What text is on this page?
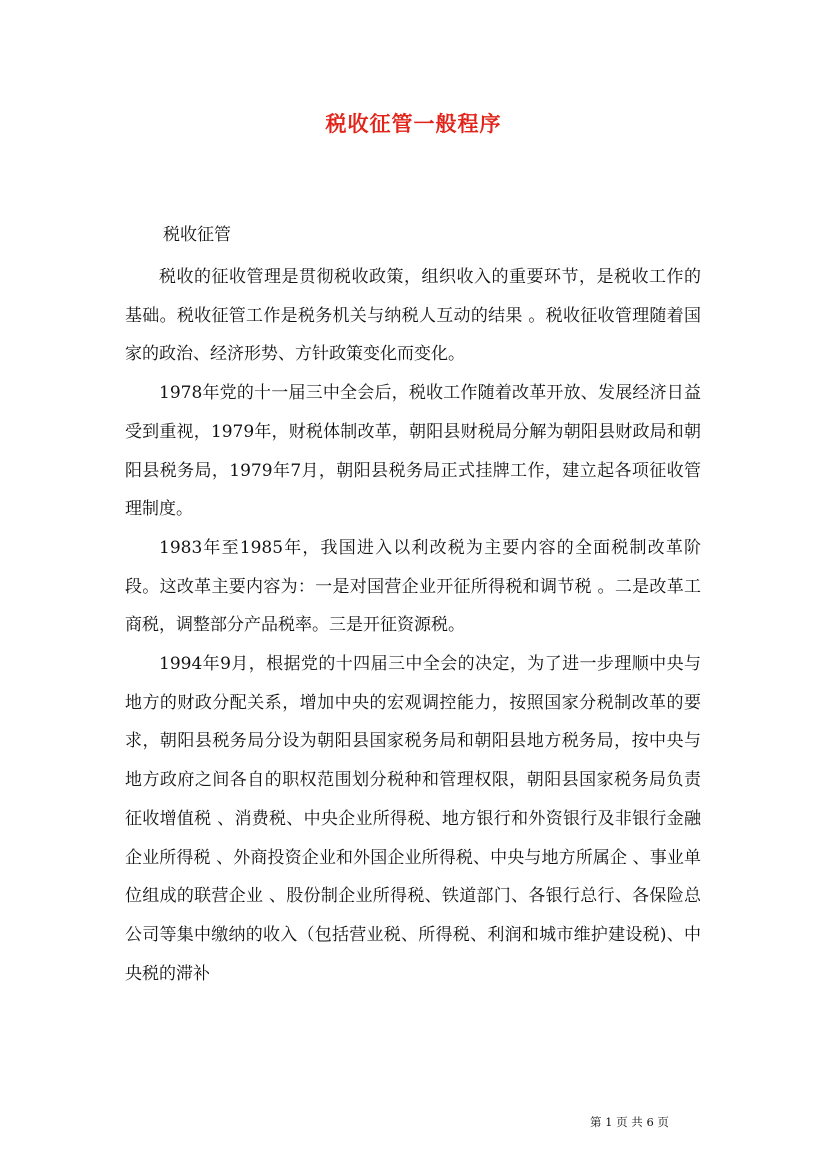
税收征管一般程序
税收征管

税收的征收管理是贯彻税收政策，组织收入的重要环节，是税收工作的基础。税收征管工作是税务机关与纳税人互动的结果 。税收征收管理随着国家的政治、经济形势、方针政策变化而变化。

1978年党的十一届三中全会后，税收工作随着改革开放、发展经济日益受到重视，1979年，财税体制改革，朝阳县财税局分解为朝阳县财政局和朝阳县税务局，1979年7月，朝阳县税务局正式挂牌工作，建立起各项征收管理制度。

1983年至1985年，我国进入以利改税为主要内容的全面税制改革阶段。这改革主要内容为：一是对国营企业开征所得税和调节税 。二是改革工商税，调整部分产品税率。三是开征资源税。

1994年9月，根据党的十四届三中全会的决定，为了进一步理顺中央与地方的财政分配关系，增加中央的宏观调控能力，按照国家分税制改革的要求，朝阳县税务局分设为朝阳县国家税务局和朝阳县地方税务局，按中央与地方政府之间各自的职权范围划分税种和管理权限，朝阳县国家税务局负责征收增值税 、消费税、中央企业所得税、地方银行和外资银行及非银行金融企业所得税 、外商投资企业和外国企业所得税、中央与地方所属企 、事业单位组成的联营企业 、股份制企业所得税、铁道部门、各银行总行、各保险总公司等集中缴纳的收入（包括营业税、所得税、利润和城市维护建设税)、中央税的滞补

第 1 页 共 6 页
